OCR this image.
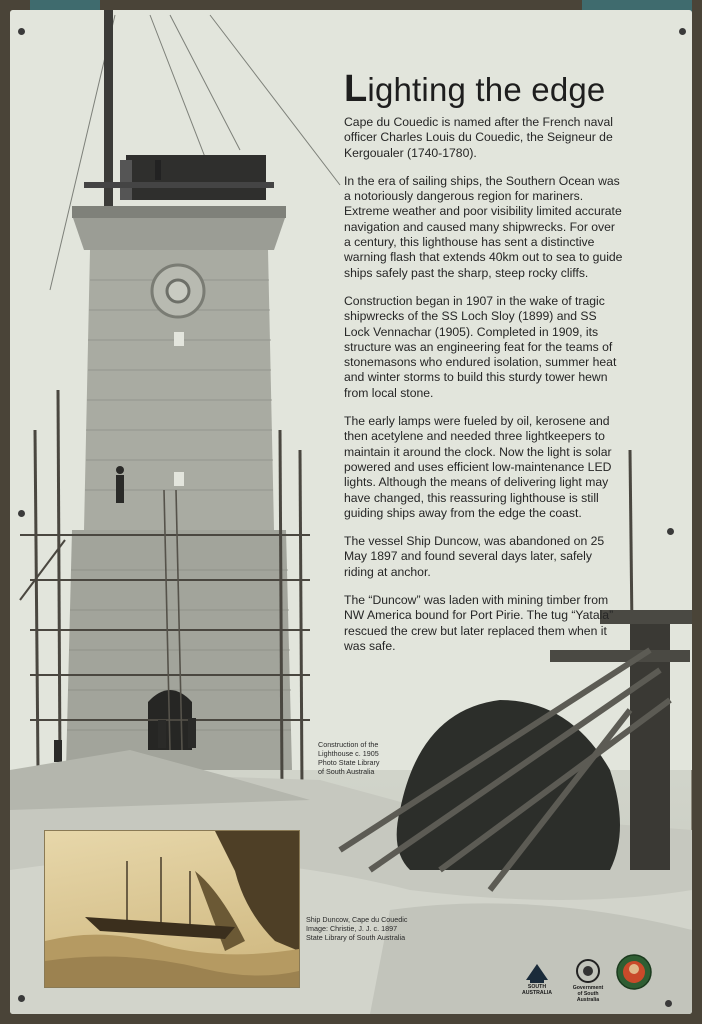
Lighting the edge

Cape du Couedic is named after the French naval officer Charles Louis du Couedic, the Seigneur de Kergoualer (1740-1780).

In the era of sailing ships, the Southern Ocean was a notoriously dangerous region for mariners. Extreme weather and poor visibility limited accurate navigation and caused many shipwrecks. For over a century, this lighthouse has sent a distinctive warning flash that extends 40km out to sea to guide ships safely past the sharp, steep rocky cliffs.

Construction began in 1907 in the wake of tragic shipwrecks of the SS Loch Sloy (1899) and SS Lock Vennachar (1905). Completed in 1909, its structure was an engineering feat for the teams of stonemasons who endured isolation, summer heat and winter storms to build this sturdy tower hewn from local stone.

The early lamps were fueled by oil, kerosene and then acetylene and needed three lightkeepers to maintain it around the clock. Now the light is solar powered and uses efficient low-maintenance LED lights. Although the means of delivering light may have changed, this reassuring lighthouse is still guiding ships away from the edge the coast.

The vessel Ship Duncow, was abandoned on 25 May 1897 and found several days later, safely riding at anchor.

The “Duncow” was laden with mining timber from NW America bound for Port Pirie. The tug “Yatala” rescued the crew but later replaced them when it was safe.

Construction of the
Lighthouse c. 1905
Photo State Library
of South Australia
Ship Duncow, Cape du Couedic
Image: Christie, J. J. c. 1897
State Library of South Australia
SOUTH
AUSTRALIA
Government
of South Australia
